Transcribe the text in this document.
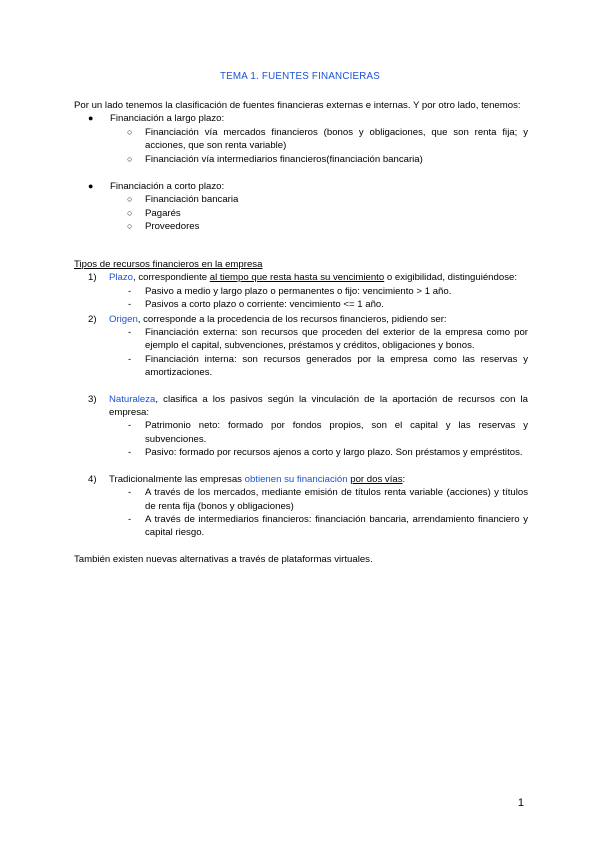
TEMA 1. FUENTES FINANCIERAS
Por un lado tenemos la clasificación de fuentes financieras externas e internas. Y por otro lado, tenemos:
● Financiación a largo plazo:
○ Financiación vía mercados financieros (bonos y obligaciones, que son renta fija; y acciones, que son renta variable)
○ Financiación vía intermediarios financieros(financiación bancaria)
● Financiación a corto plazo:
○ Financiación bancaria
○ Pagarés
○ Proveedores
Tipos de recursos financieros en la empresa
1) Plazo, correspondiente al tiempo que resta hasta su vencimiento o exigibilidad, distinguiéndose:
- Pasivo a medio y largo plazo o permanentes o fijo: vencimiento > 1 año.
- Pasivos a corto plazo o corriente: vencimiento <= 1 año.
2) Origen, corresponde a la procedencia de los recursos financieros, pidiendo ser:
- Financiación externa: son recursos que proceden del exterior de la empresa como por ejemplo el capital, subvenciones, préstamos y créditos, obligaciones y bonos.
- Financiación interna: son recursos generados por la empresa como las reservas y amortizaciones.
3) Naturaleza, clasifica a los pasivos según la vinculación de la aportación de recursos con la empresa:
- Patrimonio neto: formado por fondos propios, son el capital y las reservas y subvenciones.
- Pasivo: formado por recursos ajenos a corto y largo plazo. Son préstamos y empréstitos.
4) Tradicionalmente las empresas obtienen su financiación por dos vías:
- A través de los mercados, mediante emisión de títulos renta variable (acciones) y títulos de renta fija (bonos y obligaciones)
- A través de intermediarios financieros: financiación bancaria, arrendamiento financiero y capital riesgo.
También existen nuevas alternativas a través de plataformas virtuales.
1
